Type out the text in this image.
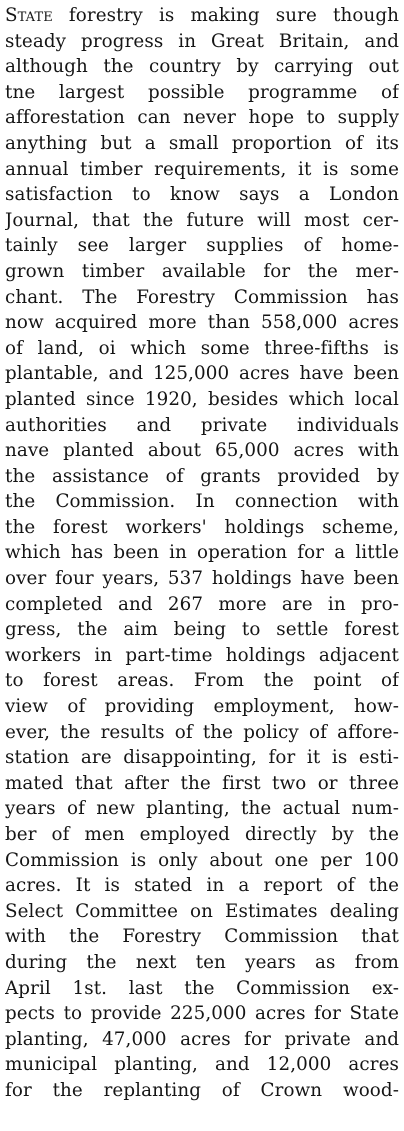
State forestry is making sure though
steady progress in Great Britain, and
although the country by carrying out
tne largest possible programme of
afforestation can never hope to supply
anything but a small proportion of its
annual timber requirements, it is some
satisfaction to know says a London
Journal, that the future will most cer-
tainly see larger supplies of home-
grown timber available for the mer-
chant. The Forestry Commission has
now acquired more than 558,000 acres
of land, oi which some three-fifths is
plantable, and 125,000 acres have been
planted since 1920, besides which local
authorities and private individuals
nave planted about 65,000 acres with
the assistance of grants provided by
the Commission. In connection with
the forest workers' holdings scheme,
which has been in operation for a little
over four years, 537 holdings have been
completed and 267 more are in pro-
gress, the aim being to settle forest
workers in part-time holdings adjacent
to forest areas. From the point of
view of providing employment, how-
ever, the results of the policy of affore-
station are disappointing, for it is esti-
mated that after the first two or three
years of new planting, the actual num-
ber of men employed directly by the
Commission is only about one per 100
acres. It is stated in a report of the
Select Committee on Estimates dealing
with the Forestry Commission that
during the next ten years as from
April 1st. last the Commission ex-
pects to provide 225,000 acres for State
planting, 47,000 acres for private and
municipal planting, and 12,000 acres
for the replanting of Crown wood-
